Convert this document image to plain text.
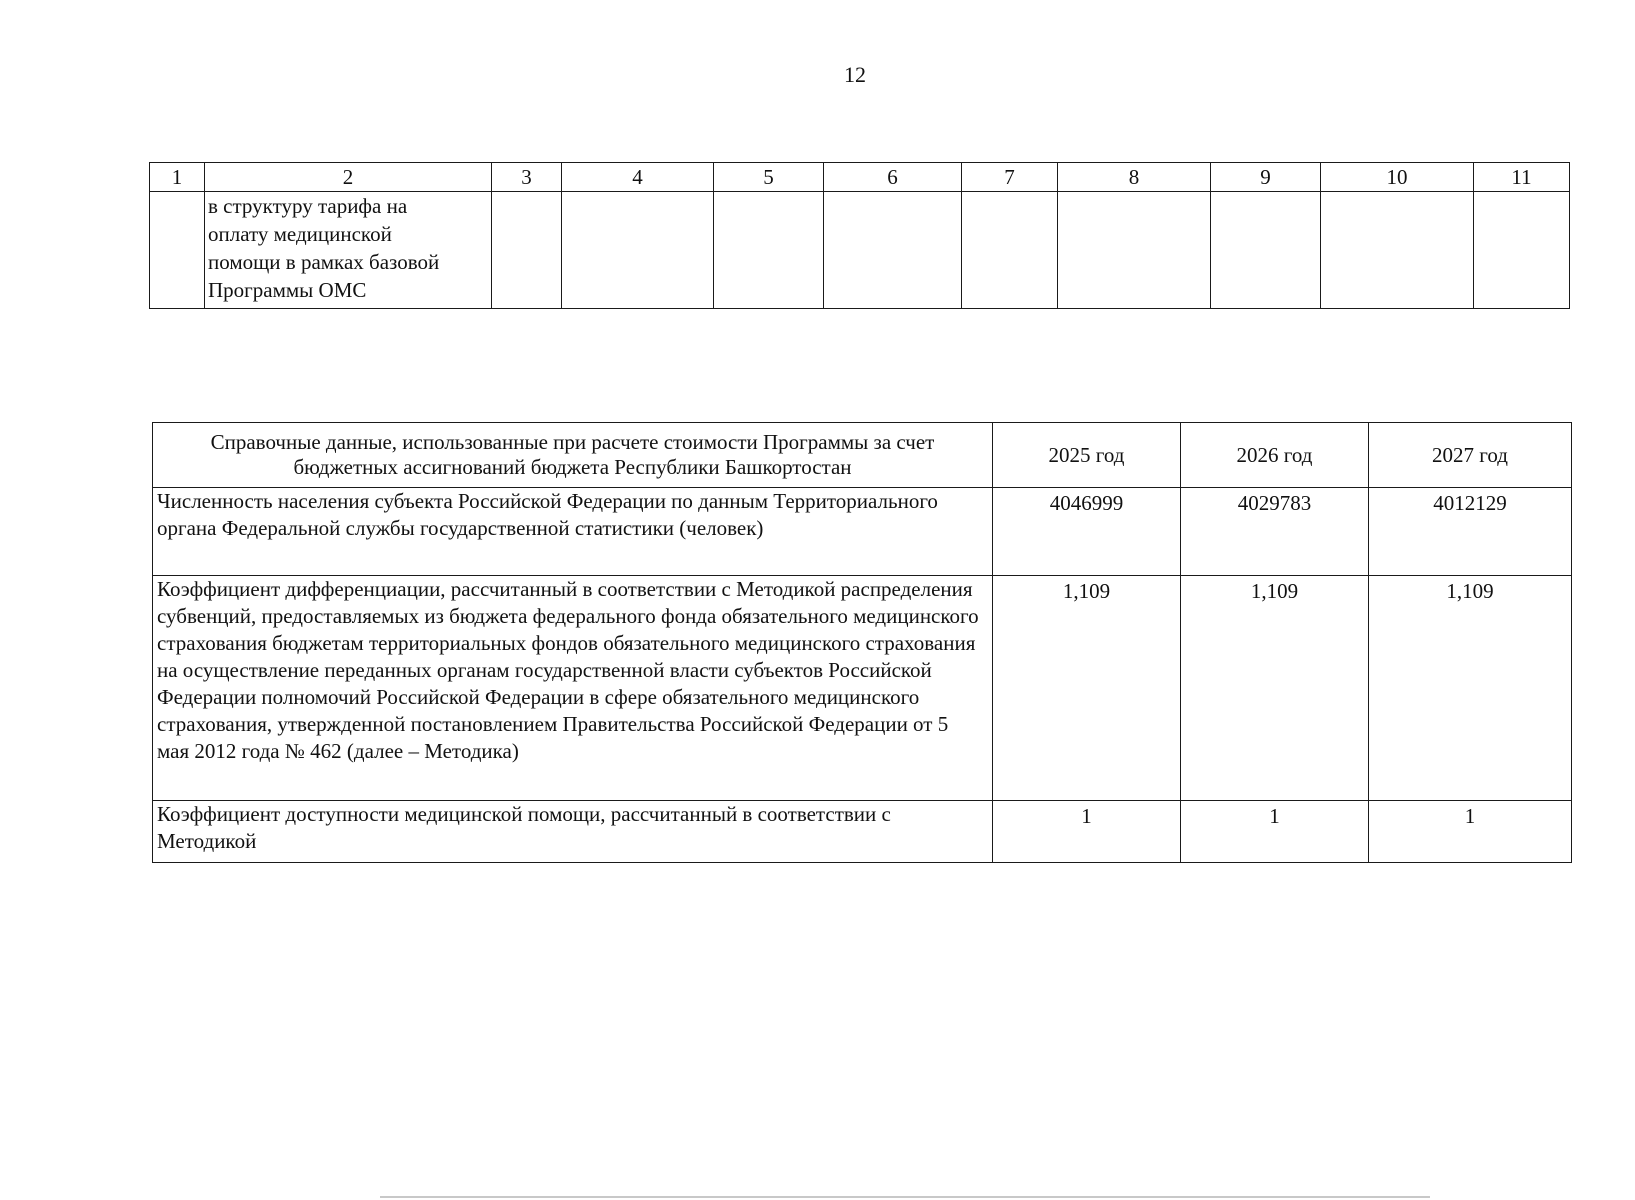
12
1	2	3	4	5	6	7	8	9	10	11

	в структуру тарифа на
оплату медицинской
помощи в рамках базовой
Программы ОМС									

Справочные данные, использованные при расчете стоимости Программы за счет бюджетных ассигнований бюджета Республики Башкортостан	2025 год	2026 год	2027 год
Численность населения субъекта Российской Федерации по данным Территориального органа Федеральной службы государственной статистики (человек)	4046999	4029783	4012129
Коэффициент дифференциации, рассчитанный в соответствии с Методикой распределения субвенций, предоставляемых из бюджета федерального фонда обязательного медицинского страхования бюджетам территориальных фондов обязательного медицинского страхования на осуществление переданных органам государственной власти субъектов Российской Федерации полномочий Российской Федерации в сфере обязательного медицинского страхования, утвержденной постановлением Правительства Российской Федерации от 5 мая 2012 года № 462 (далее – Методика)	1,109	1,109	1,109
Коэффициент доступности медицинской помощи, рассчитанный в соответствии с Методикой	1	1	1
